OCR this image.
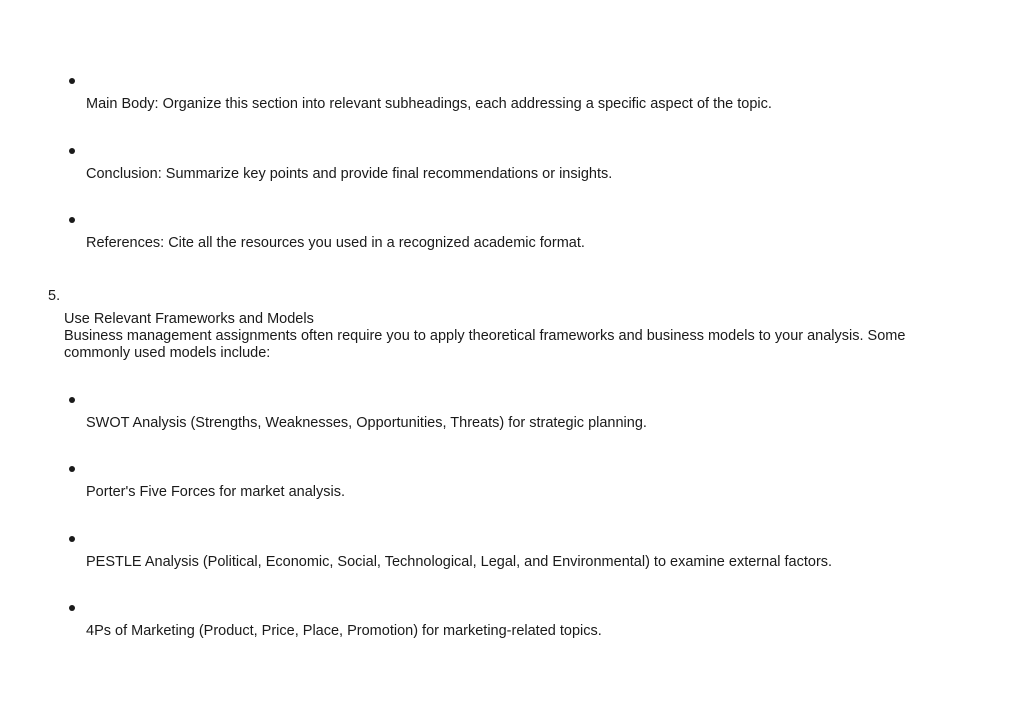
Main Body: Organize this section into relevant subheadings, each addressing a specific aspect of the topic.
Conclusion: Summarize key points and provide final recommendations or insights.
References: Cite all the resources you used in a recognized academic format.
5.
Use Relevant Frameworks and Models
Business management assignments often require you to apply theoretical frameworks and business models to your analysis. Some commonly used models include:
SWOT Analysis (Strengths, Weaknesses, Opportunities, Threats) for strategic planning.
Porter's Five Forces for market analysis.
PESTLE Analysis (Political, Economic, Social, Technological, Legal, and Environmental) to examine external factors.
4Ps of Marketing (Product, Price, Place, Promotion) for marketing-related topics.
